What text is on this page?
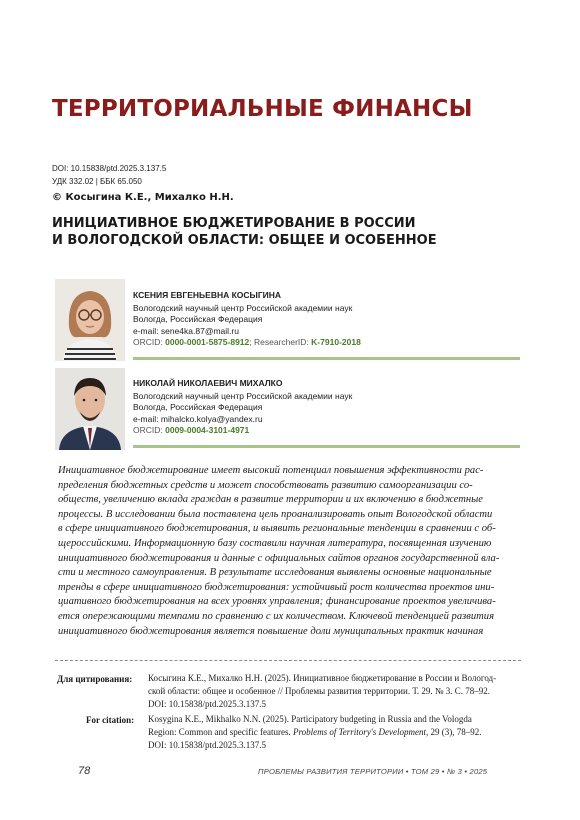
ТЕРРИТОРИАЛЬНЫЕ ФИНАНСЫ
DOI: 10.15838/ptd.2025.3.137.5
УДК 332.02 | ББК 65.050
© Косыгина К.Е., Михалко Н.Н.
ИНИЦИАТИВНОЕ БЮДЖЕТИРОВАНИЕ В РОССИИ
И ВОЛОГОДСКОЙ ОБЛАСТИ: ОБЩЕЕ И ОСОБЕННОЕ
КСЕНИЯ ЕВГЕНЬЕВНА КОСЫГИНА
Вологодский научный центр Российской академии наук
Вологда, Российская Федерация
e-mail: sene4ka.87@mail.ru
ORCID: 0000-0001-5875-8912; ResearcherID: K-7910-2018
НИКОЛАЙ НИКОЛАЕВИЧ МИХАЛКО
Вологодский научный центр Российской академии наук
Вологда, Российская Федерация
e-mail: mihalcko.kolya@yandex.ru
ORCID: 0009-0004-3101-4971
Инициативное бюджетирование имеет высокий потенциал повышения эффективности рас-
пределения бюджетных средств и может способствовать развитию самоорганизации со-
обществ, увеличению вклада граждан в развитие территории и их включению в бюджетные
процессы. В исследовании была поставлена цель проанализировать опыт Вологодской области
в сфере инициативного бюджетирования, и выявить региональные тенденции в сравнении с об-
щероссийскими. Информационную базу составили научная литература, посвященная изучению
инициативного бюджетирования и данные с официальных сайтов органов государственной вла-
сти и местного самоуправления. В результате исследования выявлены основные национальные
тренды в сфере инициативного бюджетирования: устойчивый рост количества проектов ини-
циативного бюджетирования на всех уровнях управления; финансирование проектов увеличива-
ется опережающими темпами по сравнению с их количеством. Ключевой тенденцией развития
инициативного бюджетирования является повышение доли муниципальных практик начиная
Для цитирования: Косыгина К.Е., Михалко Н.Н. (2025). Инициативное бюджетирование в России и Вологод-
ской области: общее и особенное // Проблемы развития территории. Т. 29. № 3. С. 78–92.
DOI: 10.15838/ptd.2025.3.137.5
For citation: Kosygina K.E., Mikhalko N.N. (2025). Participatory budgeting in Russia and the Vologda
Region: Common and specific features. Problems of Territory's Development, 29 (3), 78–92.
DOI: 10.15838/ptd.2025.3.137.5
78	ПРОБЛЕМЫ РАЗВИТИЯ ТЕРРИТОРИИ • ТОМ 29 • № 3 • 2025
